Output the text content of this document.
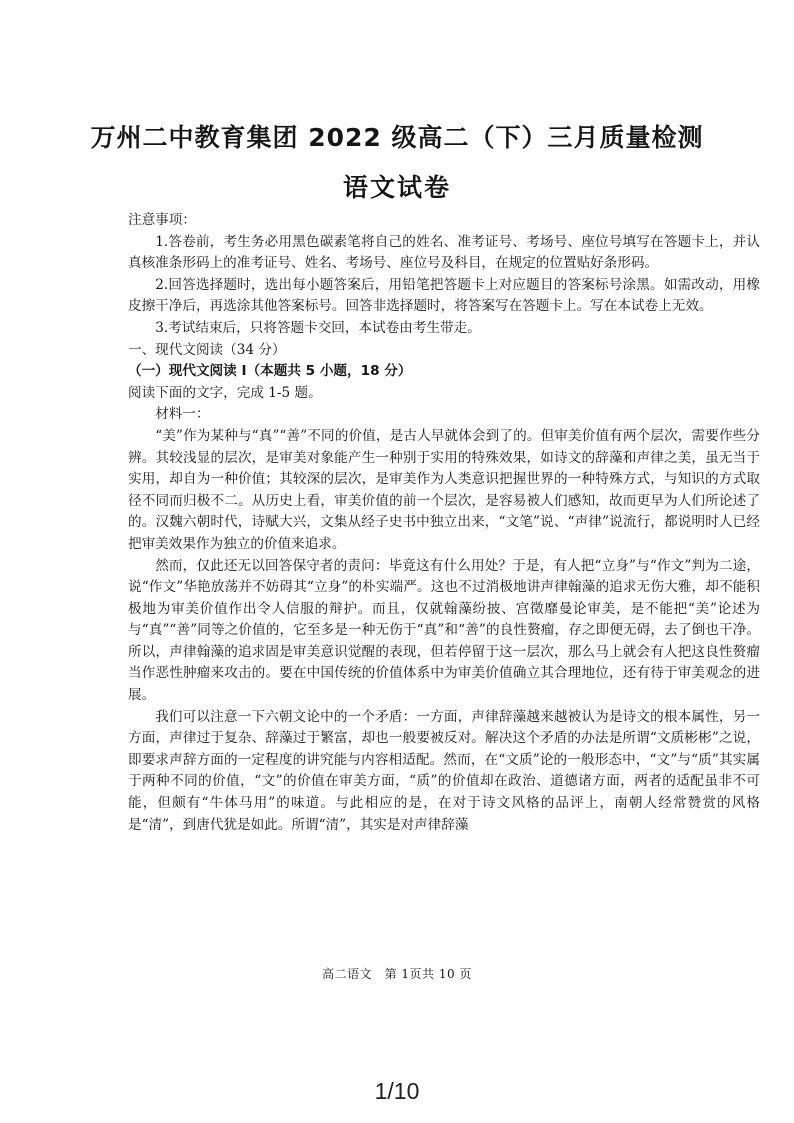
万州二中教育集团 2022 级高二（下）三月质量检测
语文试卷

注意事项：

1.答卷前，考生务必用黑色碳素笔将自己的姓名、准考证号、考场号、座位号填写在答题卡上，并认真核准条形码上的准考证号、姓名、考场号、座位号及科目，在规定的位置贴好条形码。

2.回答选择题时，选出每小题答案后，用铅笔把答题卡上对应题目的答案标号涂黑。如需改动，用橡皮擦干净后，再选涂其他答案标号。回答非选择题时，将答案写在答题卡上。写在本试卷上无效。

3.考试结束后，只将答题卡交回，本试卷由考生带走。

一、现代文阅读（34 分）

（一）现代文阅读 I（本题共 5 小题，18 分）

阅读下面的文字，完成 1-5 题。

材料一：

“美”作为某种与“真”“善”不同的价值，是古人早就体会到了的。但审美价值有两个层次，需要作些分辨。其较浅显的层次，是审美对象能产生一种别于实用的特殊效果，如诗文的辞藻和声律之美，虽无当于实用，却自为一种价值；其较深的层次，是审美作为人类意识把握世界的一种特殊方式，与知识的方式取径不同而归极不二。从历史上看，审美价值的前一个层次，是容易被人们感知，故而更早为人们所论述了的。汉魏六朝时代，诗赋大兴，文集从经子史书中独立出来，“文笔”说、“声律”说流行，都说明时人已经把审美效果作为独立的价值来追求。

然而，仅此还无以回答保守者的责问：毕竟这有什么用处？于是，有人把“立身”与“作文”判为二途，说“作文”华艳放荡并不妨碍其“立身”的朴实端严。这也不过消极地讲声律翰藻的追求无伤大雅，却不能积极地为审美价值作出令人信服的辩护。而且，仅就翰藻纷披、宫徵靡曼论审美，是不能把“美”论述为与“真”“善”同等之价值的，它至多是一种无伤于“真”和“善”的良性赘瘤，存之即便无碍，去了倒也干净。所以，声律翰藻的追求固是审美意识觉醒的表现，但若停留于这一层次，那么马上就会有人把这良性赘瘤当作恶性肿瘤来攻击的。要在中国传统的价值体系中为审美价值确立其合理地位，还有待于审美观念的进展。

我们可以注意一下六朝文论中的一个矛盾：一方面，声律辞藻越来越被认为是诗文的根本属性，另一方面，声律过于复杂、辞藻过于繁富，却也一般要被反对。解决这个矛盾的办法是所谓“文质彬彬”之说，即要求声辞方面的一定程度的讲究能与内容相适配。然而，在“文质”论的一般形态中，“文”与“质”其实属于两种不同的价值，“文”的价值在审美方面，“质”的价值却在政治、道德诸方面，两者的适配虽非不可能，但颇有“牛体马用”的味道。与此相应的是，在对于诗文风格的品评上，南朝人经常赞赏的风格是“清”，到唐代犹是如此。所谓“清”，其实是对声律辞藻

高二语文　第 1页共 10 页
1/10
